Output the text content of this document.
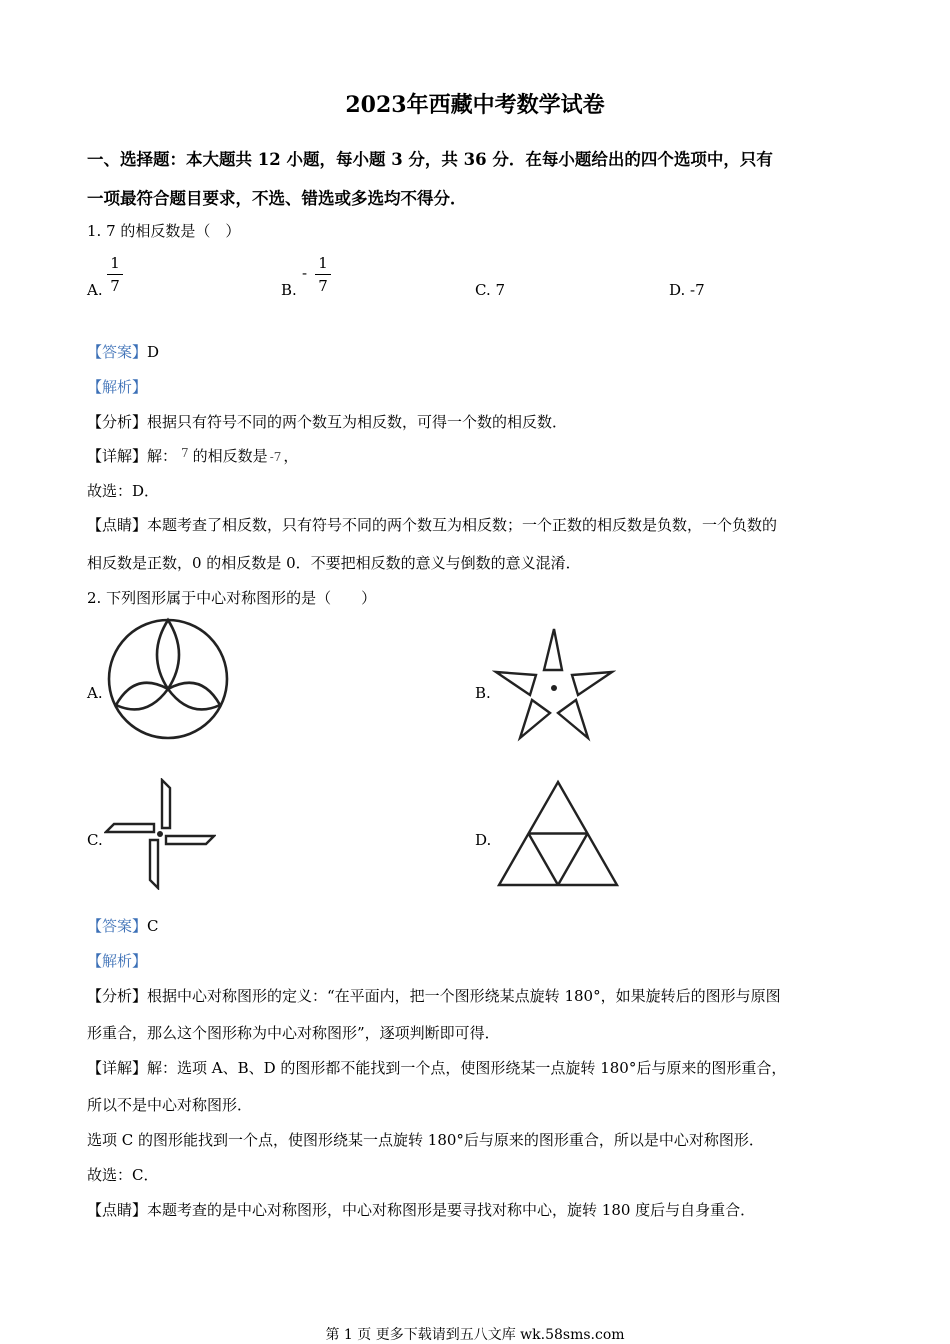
2023年西藏中考数学试卷
一、选择题：本大题共 12 小题，每小题 3 分，共 36 分．在每小题给出的四个选项中，只有
一项最符合题目要求，不选、错选或多选均不得分．
1. 7 的相反数是（　）
A.
1
7	B.
-
1
7	C. 7	D. -7
【答案】D
【解析】
【分析】根据只有符号不同的两个数互为相反数，可得一个数的相反数．
【详解】解： $^7$ 的相反数是 -7 ，
故选：D．
【点睛】本题考查了相反数，只有符号不同的两个数互为相反数；一个正数的相反数是负数，一个负数的
相反数是正数，0 的相反数是 0．不要把相反数的意义与倒数的意义混淆．
2. 下列图形属于中心对称图形的是（　　）
A.	B.
C.	D.
【答案】C
【解析】
【分析】根据中心对称图形的定义：“在平面内，把一个图形绕某点旋转 180°，如果旋转后的图形与原图
形重合，那么这个图形称为中心对称图形”，逐项判断即可得．
【详解】解：选项 A、B、D 的图形都不能找到一个点，使图形绕某一点旋转 180°后与原来的图形重合，
所以不是中心对称图形．
选项 C 的图形能找到一个点，使图形绕某一点旋转 180°后与原来的图形重合，所以是中心对称图形．
故选：C．
【点睛】本题考查的是中心对称图形，中心对称图形是要寻找对称中心，旋转 180 度后与自身重合．
第 1 页 更多下载请到五八文库 wk.58sms.com
